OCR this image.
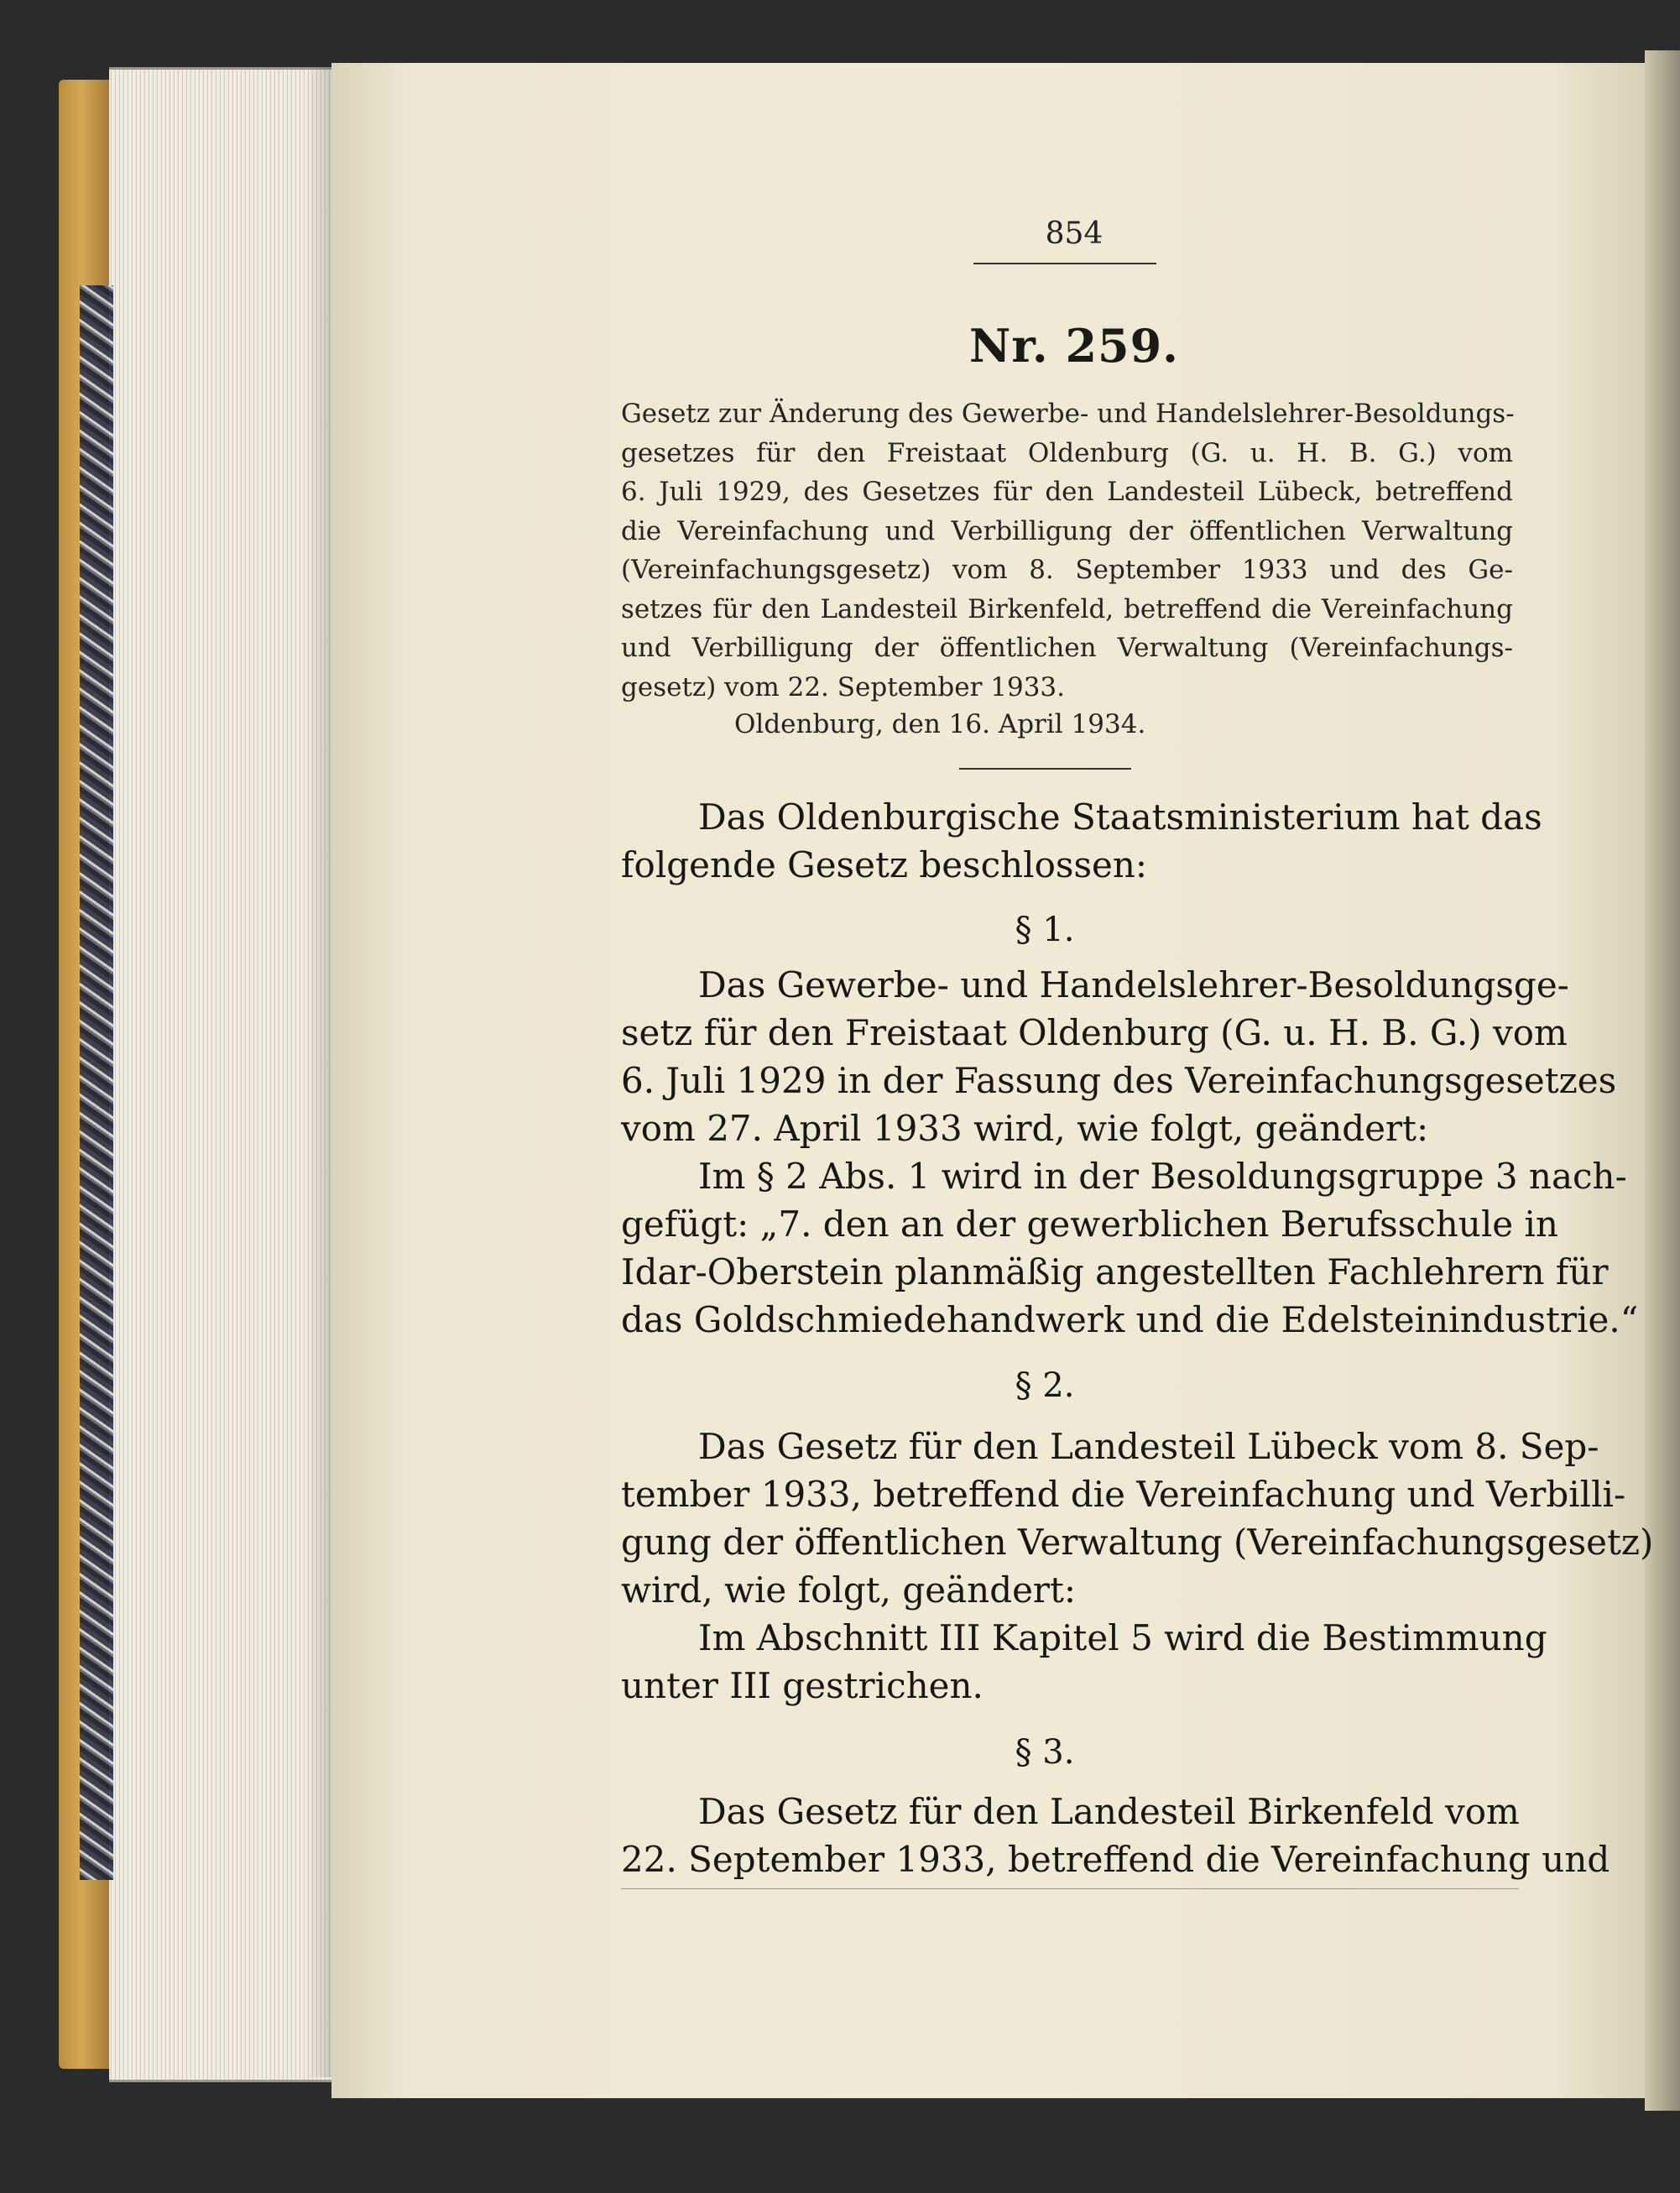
854
Nr. 259.
Gesetz zur Änderung des Gewerbe- und Handelslehrer-Besoldungs-
gesetzes für den Freistaat Oldenburg (G. u. H. B. G.) vom
6. Juli 1929, des Gesetzes für den Landesteil Lübeck, betreffend
die Vereinfachung und Verbilligung der öffentlichen Verwaltung
(Vereinfachungsgesetz) vom 8. September 1933 und des Ge-
setzes für den Landesteil Birkenfeld, betreffend die Vereinfachung
und Verbilligung der öffentlichen Verwaltung (Vereinfachungs-
gesetz) vom 22. September 1933.
Oldenburg, den 16. April 1934.
Das Oldenburgische Staatsministerium hat das
folgende Gesetz beschlossen:
§ 1.
Das Gewerbe- und Handelslehrer-Besoldungsge-
setz für den Freistaat Oldenburg (G. u. H. B. G.) vom
6. Juli 1929 in der Fassung des Vereinfachungsgesetzes
vom 27. April 1933 wird, wie folgt, geändert:
Im § 2 Abs. 1 wird in der Besoldungsgruppe 3 nach-
gefügt: „7. den an der gewerblichen Berufsschule in
Idar-Oberstein planmäßig angestellten Fachlehrern für
das Goldschmiedehandwerk und die Edelsteinindustrie.“
§ 2.
Das Gesetz für den Landesteil Lübeck vom 8. Sep-
tember 1933, betreffend die Vereinfachung und Verbilli-
gung der öffentlichen Verwaltung (Vereinfachungsgesetz)
wird, wie folgt, geändert:
Im Abschnitt III Kapitel 5 wird die Bestimmung
unter III gestrichen.
§ 3.
Das Gesetz für den Landesteil Birkenfeld vom
22. September 1933, betreffend die Vereinfachung und
